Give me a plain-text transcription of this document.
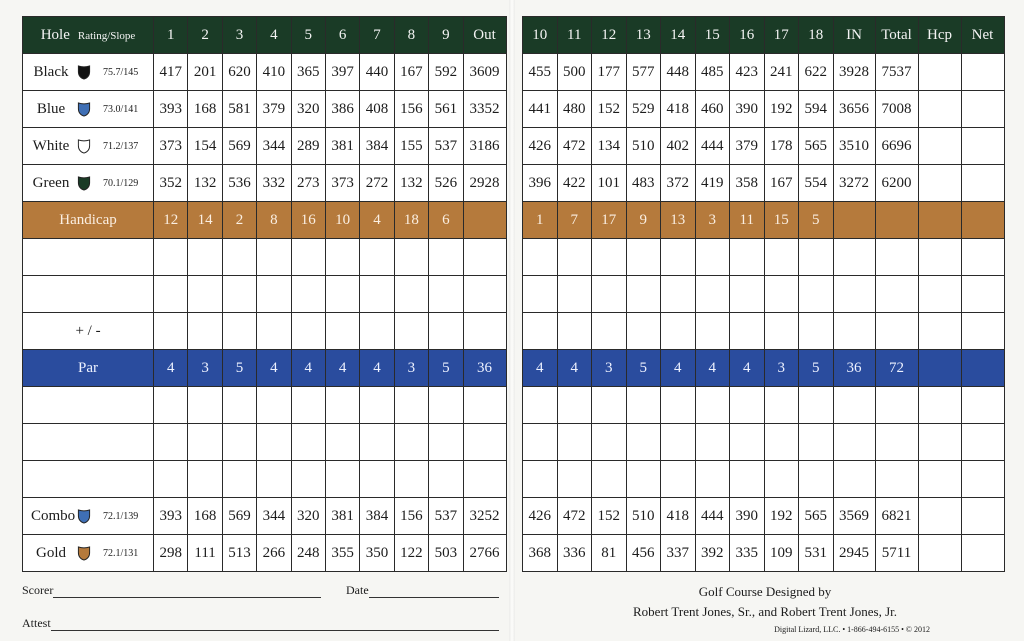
Hole Rating/Slope	1	2	3	4	5	6	7	8	9	Out

Black 75.7/145	417	201	620	410	365	397	440	167	592	3609

Blue 73.0/141	393	168	581	379	320	386	408	156	561	3352

White 71.2/137	373	154	569	344	289	381	384	155	537	3186

Green 70.1/129	352	132	536	332	273	373	272	132	526	2928
Handicap	12	14	2	8	16	10	4	18	6	

+ / -										
Par	4	3	5	4	4	4	4	3	5	36

Combo 72.1/139	393	168	569	344	320	381	384	156	537	3252

Gold 72.1/131	298	111	513	266	248	355	350	122	503	2766
10	11	12	13	14	15	16	17	18	IN	Total	Hcp	Net
455	500	177	577	448	485	423	241	622	3928	7537		
441	480	152	529	418	460	390	192	594	3656	7008		
426	472	134	510	402	444	379	178	565	3510	6696		
396	422	101	483	372	419	358	167	554	3272	6200		
1	7	17	9	13	3	11	15	5				

4	4	3	5	4	4	4	3	5	36	72		

426	472	152	510	418	444	390	192	565	3569	6821		
368	336	81	456	337	392	335	109	531	2945	5711		
Scorer	Date
Attest
Golf Course Designed by
Robert Trent Jones, Sr., and Robert Trent Jones, Jr.
Digital Lizard, LLC. • 1-866-494-6155 • © 2012
